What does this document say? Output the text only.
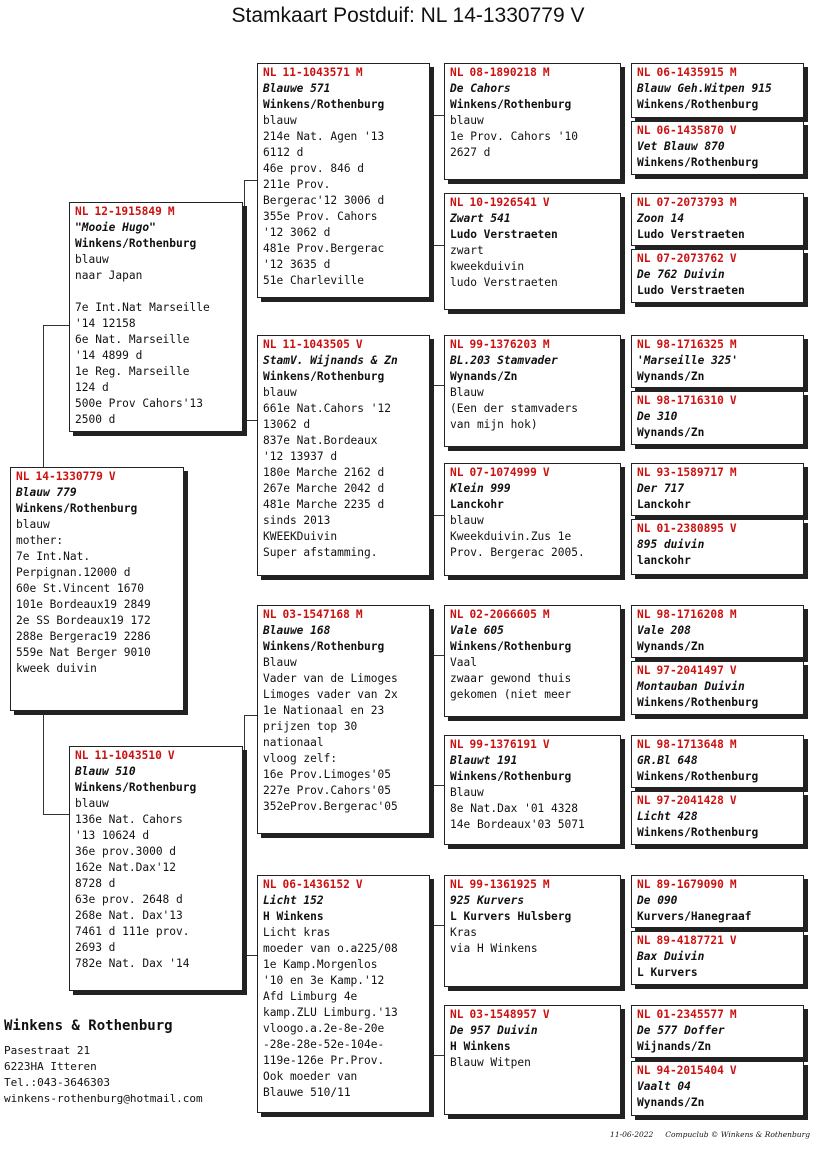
Stamkaart Postduif: NL 14-1330779 V
NL 14-1330779 V
Blauw 779
Winkens/Rothenburg
blauw
mother:
7e Int.Nat.
Perpignan.12000 d
60e St.Vincent 1670
101e Bordeaux19 2849
2e SS Bordeaux19 172
288e Bergerac19 2286
559e Nat Berger 9010
kweek duivin
NL 12-1915849 M
"Mooie Hugo"
Winkens/Rothenburg
blauw
naar Japan

7e Int.Nat Marseille
'14 12158
6e Nat. Marseille
'14 4899 d
1e Reg. Marseille
124 d
500e Prov Cahors'13
2500 d
NL 11-1043510 V
Blauw 510
Winkens/Rothenburg
blauw
136e Nat. Cahors
'13 10624 d
36e prov.3000 d
162e Nat.Dax'12
8728 d
63e prov. 2648 d
268e Nat. Dax'13
7461 d 111e prov.
2693 d
782e Nat. Dax '14
NL 11-1043571 M
Blauwe 571
Winkens/Rothenburg
blauw
214e Nat. Agen '13
6112 d
46e prov. 846 d
211e Prov.
Bergerac'12 3006 d
355e Prov. Cahors
'12 3062 d
481e Prov.Bergerac
'12 3635 d
51e Charleville
NL 11-1043505 V
StamV. Wijnands & Zn
Winkens/Rothenburg
blauw
661e Nat.Cahors '12
13062 d
837e Nat.Bordeaux
'12 13937 d
180e Marche 2162 d
267e Marche 2042 d
481e Marche 2235 d
sinds 2013
KWEEKDuivin
Super afstamming.
NL 03-1547168 M
Blauwe 168
Winkens/Rothenburg
Blauw
Vader van de Limoges
Limoges vader van 2x
1e Nationaal en 23
prijzen top 30
nationaal
vloog zelf:
16e Prov.Limoges'05
227e Prov.Cahors'05
352eProv.Bergerac'05
NL 06-1436152 V
Licht 152
H Winkens
Licht kras
moeder van o.a225/08
1e Kamp.Morgenlos
'10 en 3e Kamp.'12
Afd Limburg 4e
kamp.ZLU Limburg.'13
vloogo.a.2e-8e-20e
-28e-28e-52e-104e-
119e-126e Pr.Prov.
Ook moeder van
Blauwe 510/11
NL 08-1890218 M
De Cahors
Winkens/Rothenburg
blauw
1e Prov. Cahors '10
2627 d
NL 10-1926541 V
Zwart 541
Ludo Verstraeten
zwart
kweekduivin
ludo Verstraeten
NL 99-1376203 M
BL.203 Stamvader
Wynands/Zn
Blauw
(Een der stamvaders
van mijn hok)
NL 07-1074999 V
Klein 999
Lanckohr
blauw
Kweekduivin.Zus 1e
Prov. Bergerac 2005.
NL 02-2066605 M
Vale 605
Winkens/Rothenburg
Vaal
zwaar gewond thuis
gekomen (niet meer
NL 99-1376191 V
Blauwt 191
Winkens/Rothenburg
Blauw
8e Nat.Dax '01 4328
14e Bordeaux'03 5071
NL 99-1361925 M
925 Kurvers
L Kurvers Hulsberg
Kras
via H Winkens
NL 03-1548957 V
De 957 Duivin
H Winkens
Blauw Witpen
NL 06-1435915 M
Blauw Geh.Witpen 915
Winkens/Rothenburg
NL 06-1435870 V
Vet Blauw 870
Winkens/Rothenburg
NL 07-2073793 M
Zoon 14
Ludo Verstraeten
NL 07-2073762 V
De 762 Duivin
Ludo Verstraeten
NL 98-1716325 M
'Marseille 325'
Wynands/Zn
NL 98-1716310 V
De 310
Wynands/Zn
NL 93-1589717 M
Der 717
Lanckohr
NL 01-2380895 V
895 duivin
lanckohr
NL 98-1716208 M
Vale 208
Wynands/Zn
NL 97-2041497 V
Montauban Duivin
Winkens/Rothenburg
NL 98-1713648 M
GR.Bl 648
Winkens/Rothenburg
NL 97-2041428 V
Licht 428
Winkens/Rothenburg
NL 89-1679090 M
De 090
Kurvers/Hanegraaf
NL 89-4187721 V
Bax Duivin
L Kurvers
NL 01-2345577 M
De 577 Doffer
Wijnands/Zn
NL 94-2015404 V
Vaalt 04
Wynands/Zn
Winkens & Rothenburg
Pasestraat 21
6223HA Itteren
Tel.:043-3646303
winkens-rothenburg@hotmail.com
11-06-2022 Compuclub © Winkens & Rothenburg
